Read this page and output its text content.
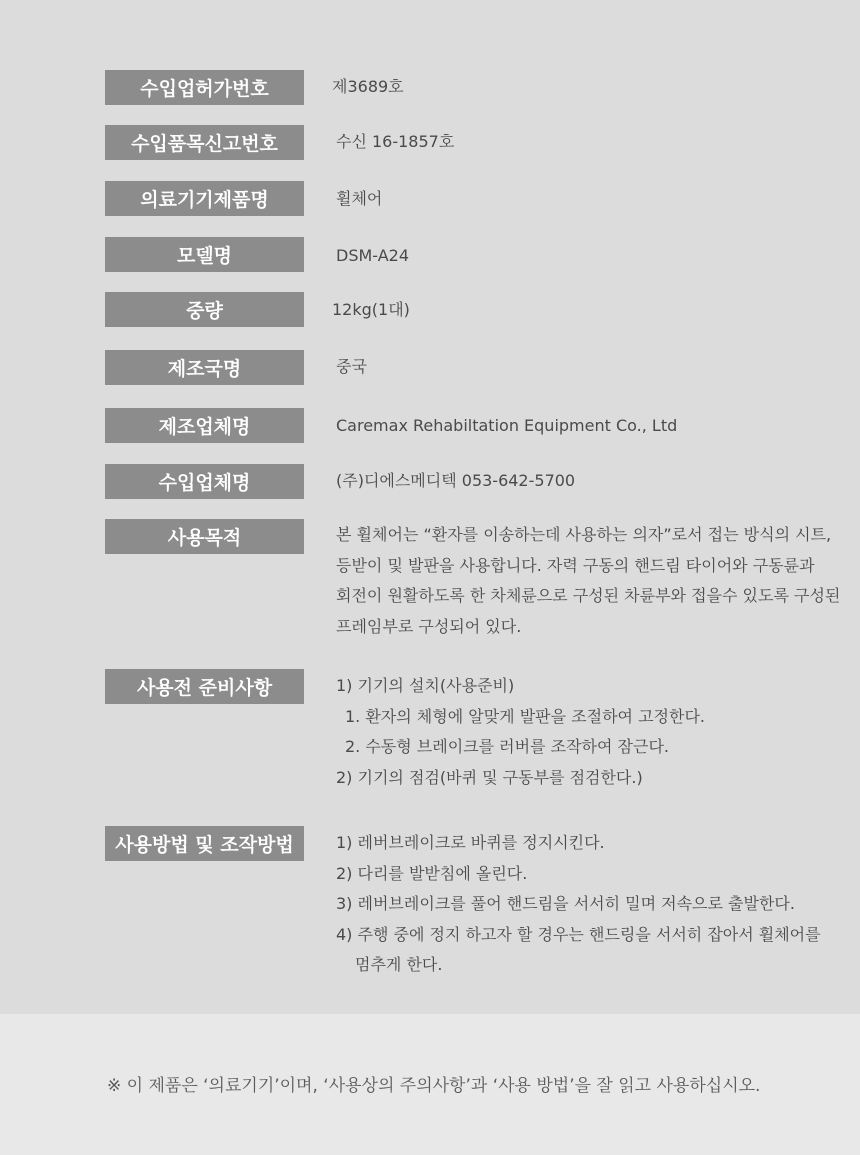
수입업허가번호	제3689호
수입품목신고번호	수신 16-1857호
의료기기제품명	휠체어
모델명	DSM-A24
중량	12kg(1대)
제조국명	중국
제조업체명	Caremax Rehabiltation Equipment Co., Ltd
수입업체명	(주)디에스메디텍 053-642-5700
사용목적	본 휠체어는 “환자를 이송하는데 사용하는 의자”로서 접는 방식의 시트,
등받이 및 발판을 사용합니다. 자력 구동의 핸드림 타이어와 구동륜과
회전이 원활하도록 한 차체륜으로 구성된 차륜부와 접을수 있도록 구성된
프레임부로 구성되어 있다.
사용전 준비사항	1) 기기의 설치(사용준비)
1. 환자의 체형에 알맞게 발판을 조절하여 고정한다.
2. 수동형 브레이크를 러버를 조작하여 잠근다.
2) 기기의 점검(바퀴 및 구동부를 점검한다.)
사용방법 및 조작방법	1) 레버브레이크로 바퀴를 정지시킨다.
2) 다리를 발받침에 올린다.
3) 레버브레이크를 풀어 핸드림을 서서히 밀며 저속으로 출발한다.
4) 주행 중에 정지 하고자 할 경우는 핸드링을 서서히 잡아서 휠체어를
멈추게 한다.
※ 이 제품은 ‘의료기기’이며, ‘사용상의 주의사항’과 ‘사용 방법’을 잘 읽고 사용하십시오.
